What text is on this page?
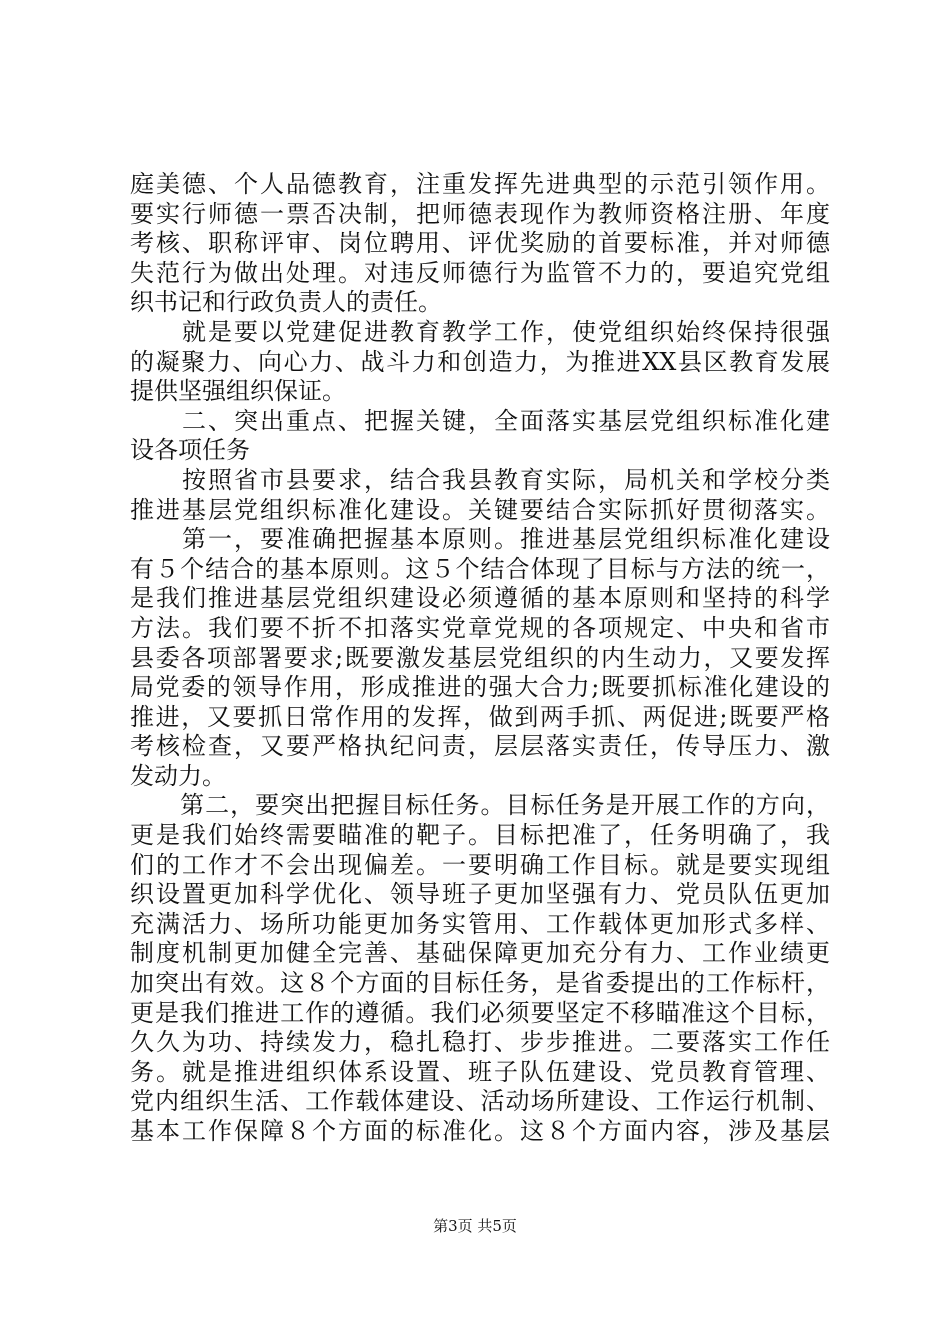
庭美德、个人品德教育，注重发挥先进典型的示范引领作用。
要实行师德一票否决制，把师德表现作为教师资格注册、年度
考核、职称评审、岗位聘用、评优奖励的首要标准，并对师德
失范行为做出处理。对违反师德行为监管不力的，要追究党组
织书记和行政负责人的责任。
　　就是要以党建促进教育教学工作，使党组织始终保持很强
的凝聚力、向心力、战斗力和创造力，为推进XX县区教育发展
提供坚强组织保证。
　　二、突出重点、把握关键，全面落实基层党组织标准化建
设各项任务
　　按照省市县要求，结合我县教育实际，局机关和学校分类
推进基层党组织标准化建设。关键要结合实际抓好贯彻落实。
　　第一，要准确把握基本原则。推进基层党组织标准化建设
有５个结合的基本原则。这５个结合体现了目标与方法的统一，
是我们推进基层党组织建设必须遵循的基本原则和坚持的科学
方法。我们要不折不扣落实党章党规的各项规定、中央和省市
县委各项部署要求;既要激发基层党组织的内生动力，又要发挥
局党委的领导作用，形成推进的强大合力;既要抓标准化建设的
推进，又要抓日常作用的发挥，做到两手抓、两促进;既要严格
考核检查，又要严格执纪问责，层层落实责任，传导压力、激
发动力。
　　第二，要突出把握目标任务。目标任务是开展工作的方向，
更是我们始终需要瞄准的靶子。目标把准了，任务明确了，我
们的工作才不会出现偏差。一要明确工作目标。就是要实现组
织设置更加科学优化、领导班子更加坚强有力、党员队伍更加
充满活力、场所功能更加务实管用、工作载体更加形式多样、
制度机制更加健全完善、基础保障更加充分有力、工作业绩更
加突出有效。这８个方面的目标任务，是省委提出的工作标杆，
更是我们推进工作的遵循。我们必须要坚定不移瞄准这个目标，
久久为功、持续发力，稳扎稳打、步步推进。二要落实工作任
务。就是推进组织体系设置、班子队伍建设、党员教育管理、
党内组织生活、工作载体建设、活动场所建设、工作运行机制、
基本工作保障８个方面的标准化。这８个方面内容，涉及基层
第3页 共5页
